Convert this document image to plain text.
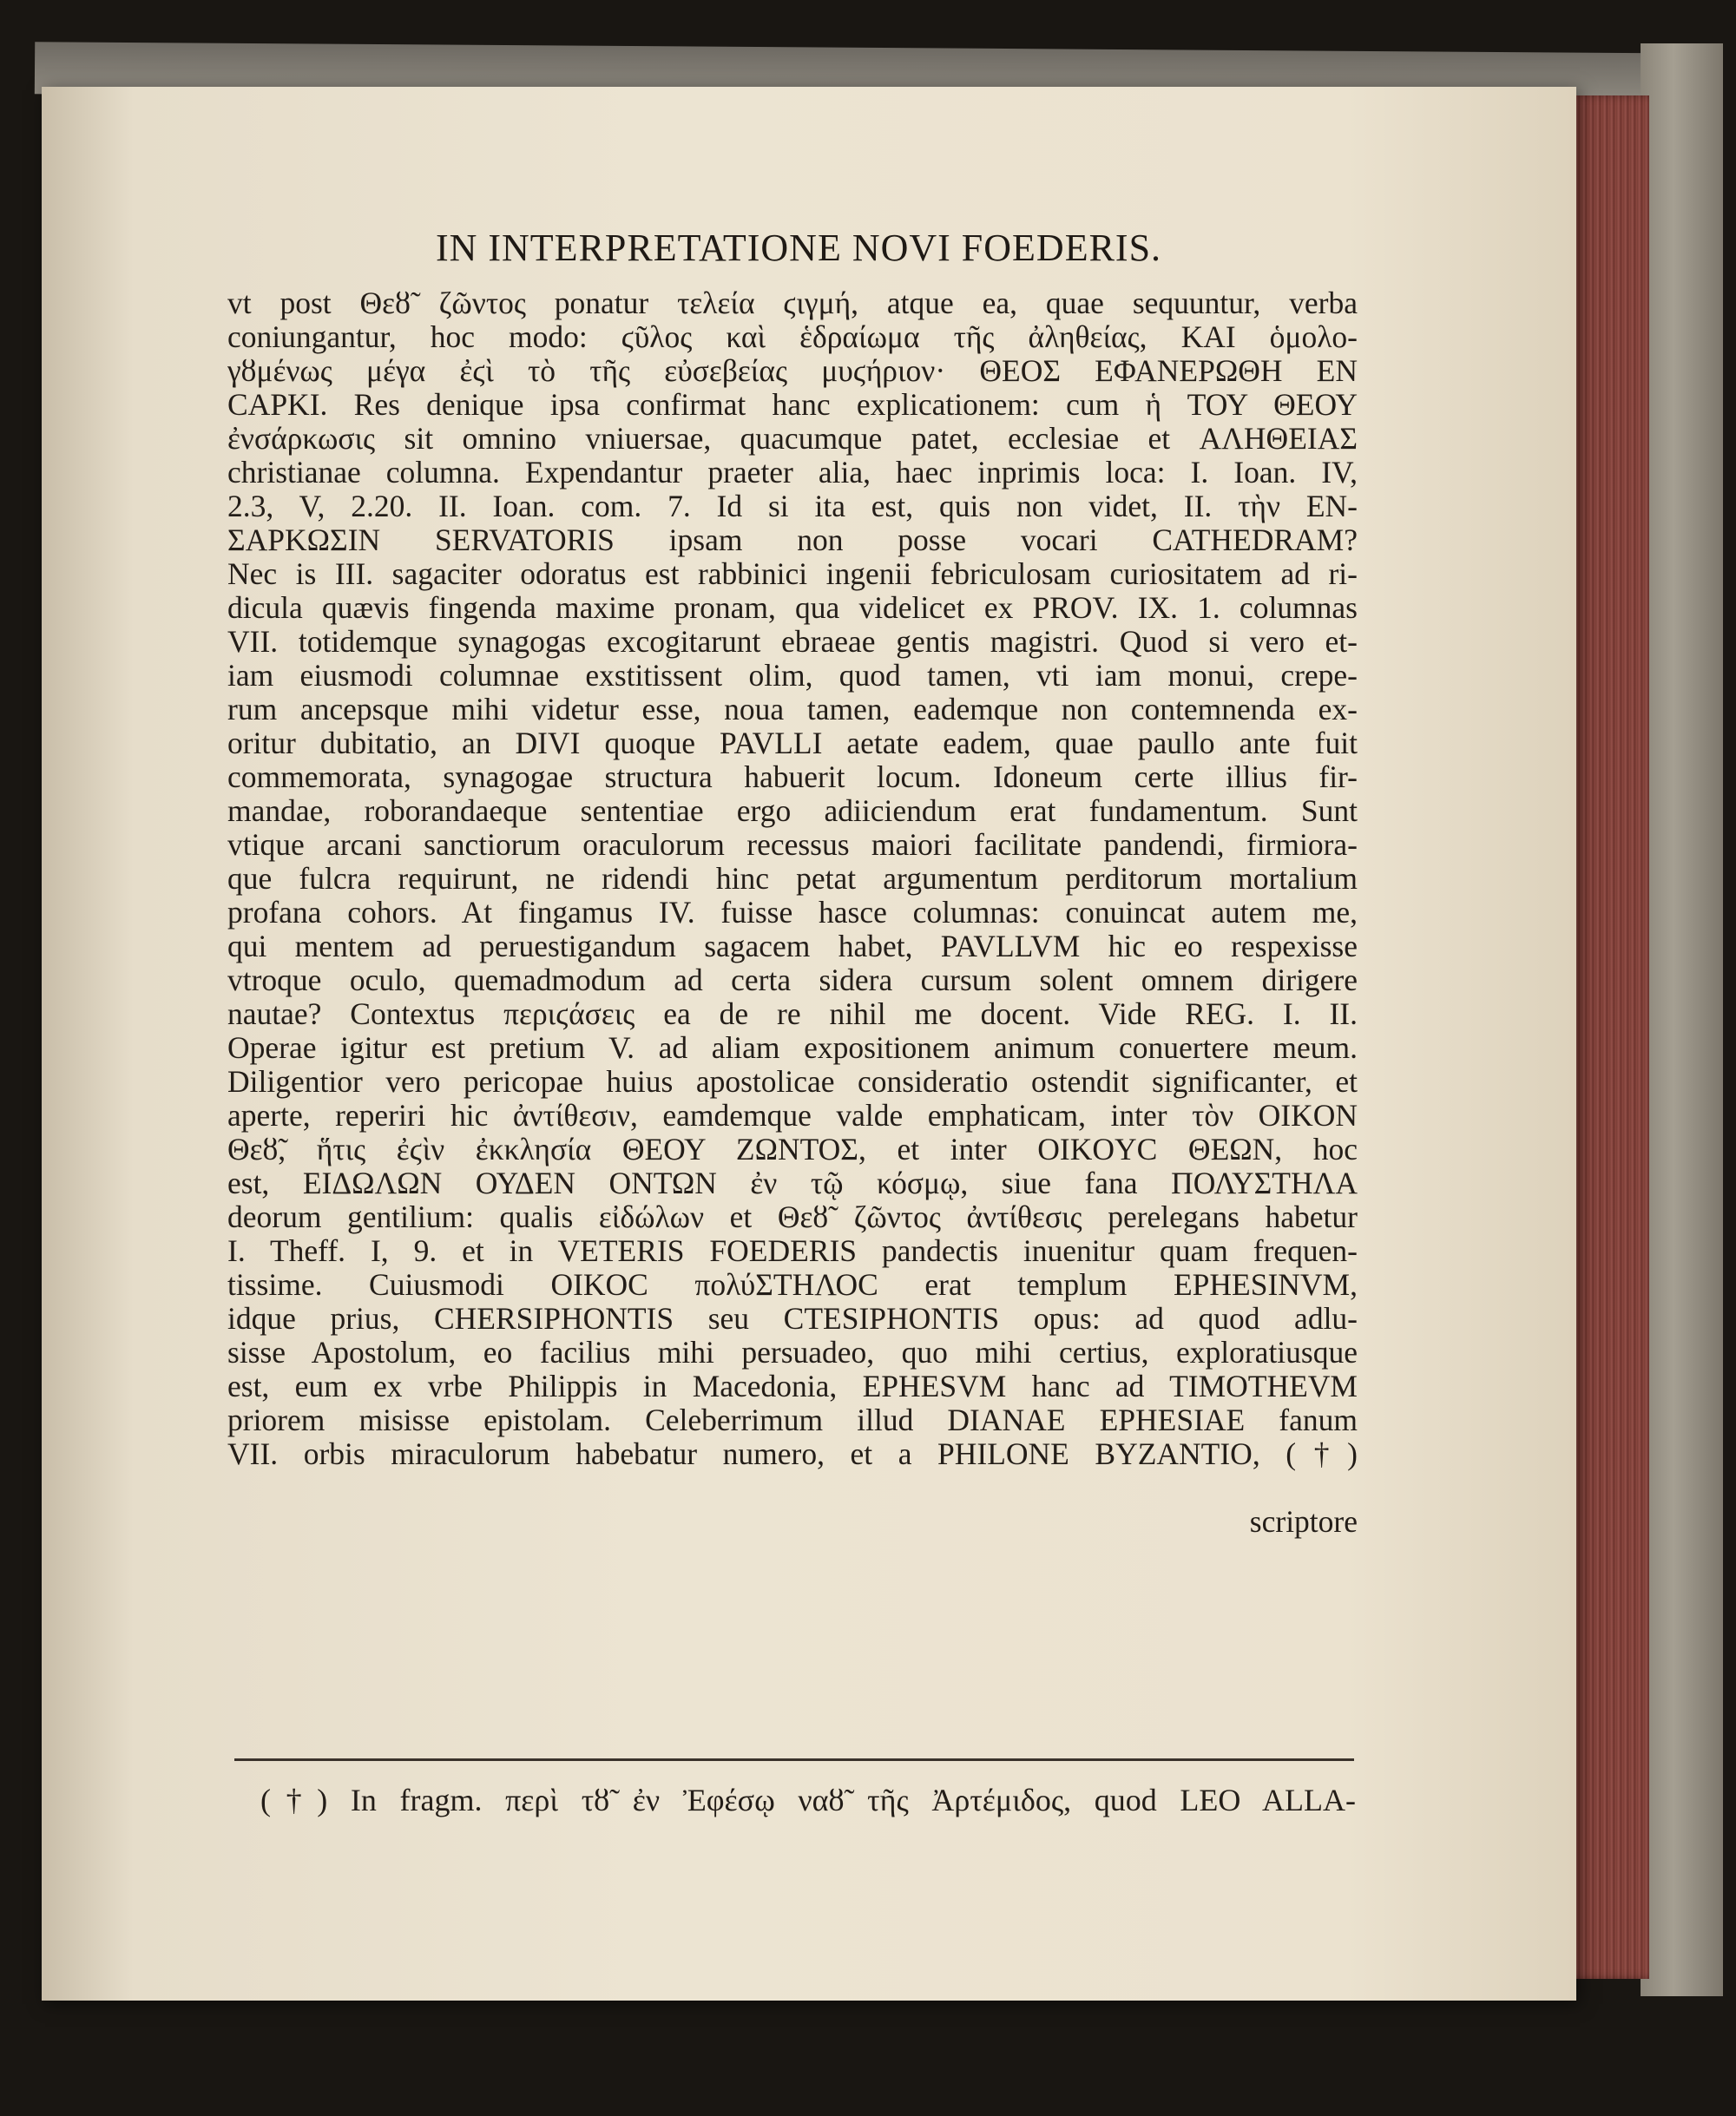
IN INTERPRETATIONE NOVI FOEDERIS.
vt post Θεȣ̃ ζῶντος ponatur τελεία ϛιγμή, atque ea, quae sequuntur, verba
coniungantur, hoc modo: ϛῦλος καὶ ἑδραίωμα τῆς ἀληθείας, KAI ὁμολο-
γȣμένως μέγα ἐϛὶ τὸ τῆς εὐσεβείας μυϛήριον· ΘΕΟΣ ΕΦΑΝΕΡΩΘΗ ΕΝ
CAPKI. Res denique ipsa confirmat hanc explicationem: cum ἡ ΤΟΥ ΘΕΟΥ
ἐνσάρκωσις sit omnino vniuersae, quacumque patet, ecclesiae et ΑΛΗΘΕΙΑΣ
christianae columna. Expendantur praeter alia, haec inprimis loca: I. Ioan. IV,
2.3, V, 2.20. II. Ioan. com. 7. Id si ita est, quis non videt, II. τὴν EN-
ΣΑΡΚΩΣΙΝ SERVATORIS ipsam non posse vocari CATHEDRAM?
Nec is III. sagaciter odoratus est rabbinici ingenii febriculosam curiositatem ad ri-
dicula quævis fingenda maxime pronam, qua videlicet ex PROV. IX. 1. columnas
VII. totidemque synagogas excogitarunt ebraeae gentis magistri. Quod si vero et-
iam eiusmodi columnae exstitissent olim, quod tamen, vti iam monui, crepe-
rum ancepsque mihi videtur esse, noua tamen, eademque non contemnenda ex-
oritur dubitatio, an DIVI quoque PAVLLI aetate eadem, quae paullo ante fuit
commemorata, synagogae structura habuerit locum. Idoneum certe illius fir-
mandae, roborandaeque sententiae ergo adiiciendum erat fundamentum. Sunt
vtique arcani sanctiorum oraculorum recessus maiori facilitate pandendi, firmiora-
que fulcra requirunt, ne ridendi hinc petat argumentum perditorum mortalium
profana cohors. At fingamus IV. fuisse hasce columnas: conuincat autem me,
qui mentem ad peruestigandum sagacem habet, PAVLLVM hic eo respexisse
vtroque oculo, quemadmodum ad certa sidera cursum solent omnem dirigere
nautae? Contextus περιϛάσεις ea de re nihil me docent. Vide REG. I. II.
Operae igitur est pretium V. ad aliam expositionem animum conuertere meum.
Diligentior vero pericopae huius apostolicae consideratio ostendit significanter, et
aperte, reperiri hic ἀντίθεσιν, eamdemque valde emphaticam, inter τὸν OIKON
Θεȣ̃, ἥτις ἐϛὶν ἐκκλησία ΘΕΟΥ ΖΩΝΤΟΣ, et inter OIKOYC ΘΕΩΝ, hoc
est, ΕΙΔΩΛΩΝ ΟΥΔΕΝ ΟΝΤΩΝ ἐν τῷ κόσμῳ, siue fana ΠΟΛΥΣΤΗΛΑ
deorum gentilium: qualis εἰδώλων et Θεȣ̃ ζῶντος ἀντίθεσις perelegans habetur
I. Theff. I, 9. et in VETERIS FOEDERIS pandectis inuenitur quam frequen-
tissime. Cuiusmodi OIKOC πολύΣΤΗΛΟC erat templum EPHESINVM,
idque prius, CHERSIPHONTIS seu CTESIPHONTIS opus: ad quod adlu-
sisse Apostolum, eo facilius mihi persuadeo, quo mihi certius, exploratiusque
est, eum ex vrbe Philippis in Macedonia, EPHESVM hanc ad TIMOTHEVM
priorem misisse epistolam. Celeberrimum illud DIANAE EPHESIAE fanum
VII. orbis miraculorum habebatur numero, et a PHILONE BYZANTIO, (†)
scriptore
(†) In fragm. περὶ τȣ̃ ἐν Ἐφέσῳ ναȣ̃ τῆς Ἀρτέμιδος, quod LEO ALLA-
